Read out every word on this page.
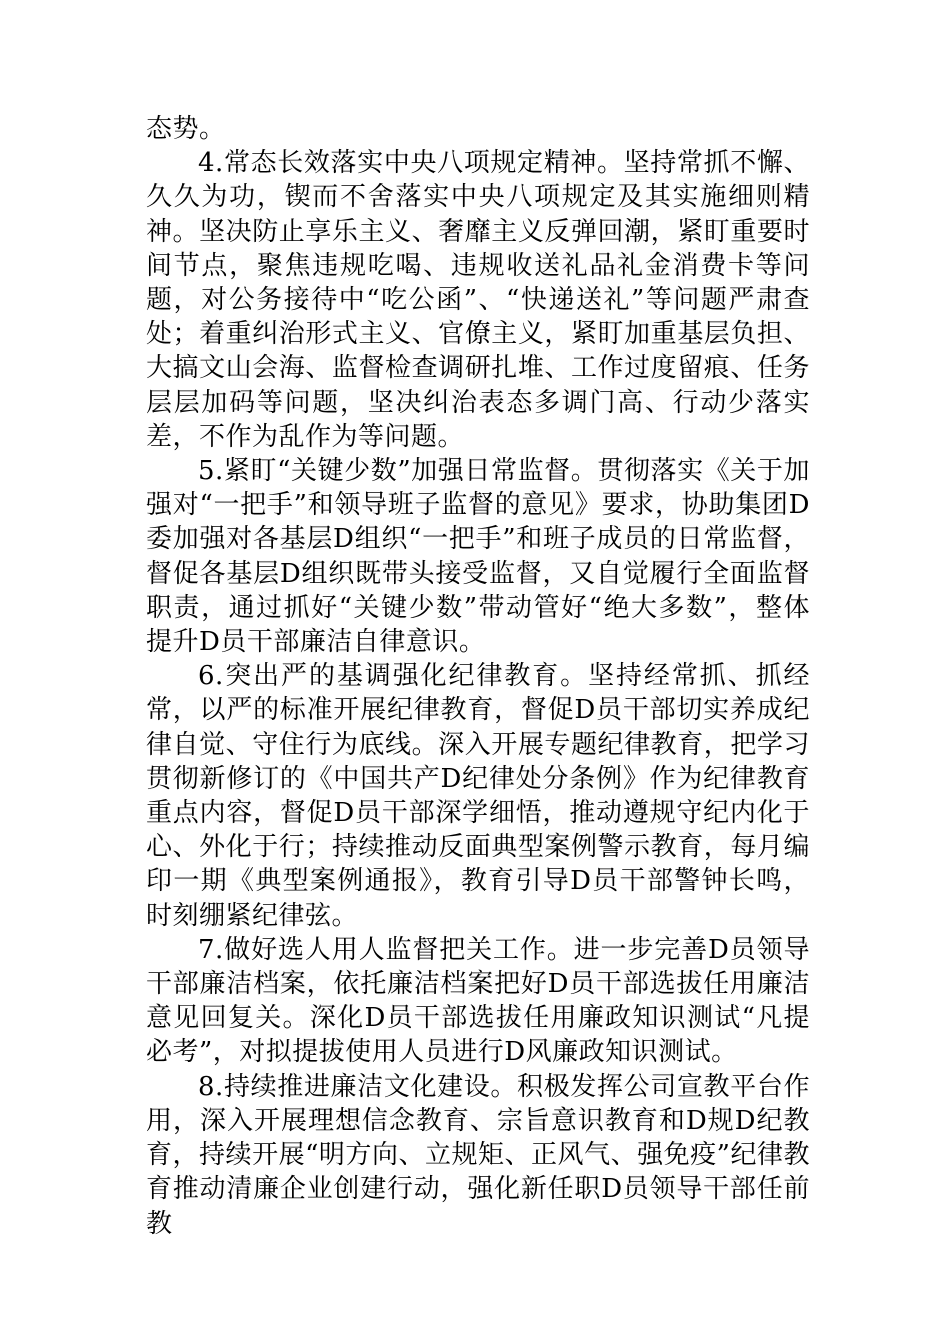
态势。

4.常态长效落实中央八项规定精神。坚持常抓不懈、久久为功，锲而不舍落实中央八项规定及其实施细则精神。坚决防止享乐主义、奢靡主义反弹回潮，紧盯重要时间节点，聚焦违规吃喝、违规收送礼品礼金消费卡等问题，对公务接待中“吃公函”、“快递送礼”等问题严肃查处；着重纠治形式主义、官僚主义，紧盯加重基层负担、大搞文山会海、监督检查调研扎堆、工作过度留痕、任务层层加码等问题，坚决纠治表态多调门高、行动少落实差，不作为乱作为等问题。

5.紧盯“关键少数”加强日常监督。贯彻落实《关于加强对“一把手”和领导班子监督的意见》要求，协助集团D委加强对各基层D组织“一把手”和班子成员的日常监督，督促各基层D组织既带头接受监督，又自觉履行全面监督职责，通过抓好“关键少数”带动管好“绝大多数”，整体提升D员干部廉洁自律意识。

6.突出严的基调强化纪律教育。坚持经常抓、抓经常，以严的标准开展纪律教育，督促D员干部切实养成纪律自觉、守住行为底线。深入开展专题纪律教育，把学习贯彻新修订的《中国共产D纪律处分条例》作为纪律教育重点内容，督促D员干部深学细悟，推动遵规守纪内化于心、外化于行；持续推动反面典型案例警示教育，每月编印一期《典型案例通报》，教育引导D员干部警钟长鸣，时刻绷紧纪律弦。

7.做好选人用人监督把关工作。进一步完善D员领导干部廉洁档案，依托廉洁档案把好D员干部选拔任用廉洁意见回复关。深化D员干部选拔任用廉政知识测试“凡提必考”，对拟提拔使用人员进行D风廉政知识测试。

8.持续推进廉洁文化建设。积极发挥公司宣教平台作用，深入开展理想信念教育、宗旨意识教育和D规D纪教育，持续开展“明方向、立规矩、正风气、强免疫”纪律教育推动清廉企业创建行动，强化新任职D员领导干部任前教
